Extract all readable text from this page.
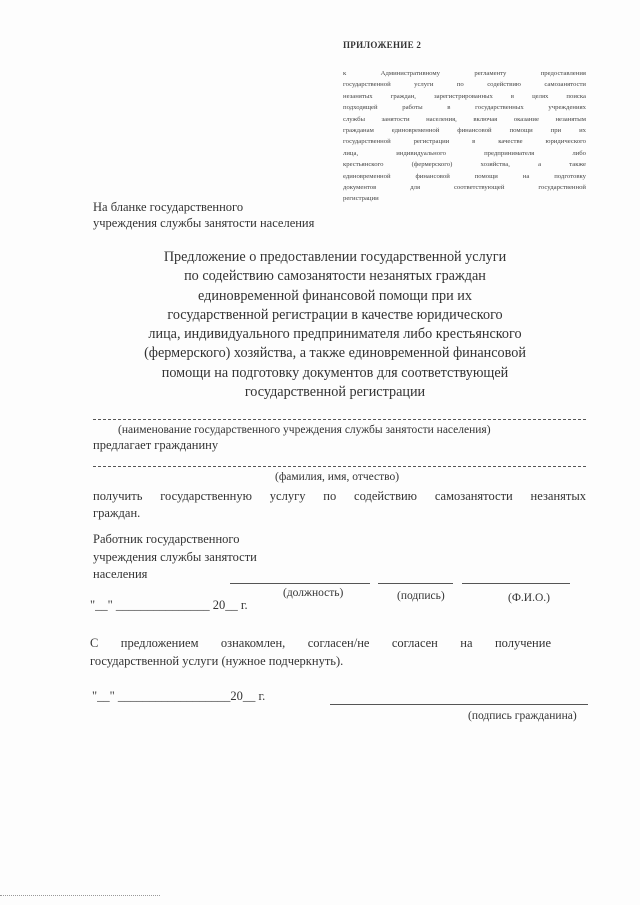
ПРИЛОЖЕНИЕ 2
к Административному регламенту предоставления
государственной услуги по содействию самозанятости
незанятых граждан, зарегистрированных в целях поиска
подходящей работы в государственных учреждениях
службы занятости населения, включая оказание незанятым
гражданам единовременной финансовой помощи при их
государственной регистрации в качестве юридического
лица, индивидуального предпринимателя либо
крестьянского (фермерского) хозяйства, а также
единовременной финансовой помощи на подготовку
документов для соответствующей государственной
регистрации
На бланке государственного
учреждения службы занятости населения
Предложение о предоставлении государственной услуги
по содействию самозанятости незанятых граждан
единовременной финансовой помощи при их
государственной регистрации в качестве юридического
лица, индивидуального предпринимателя либо крестьянского
(фермерского) хозяйства, а также единовременной финансовой
помощи на подготовку документов для соответствующей
государственной регистрации
(наименование государственного учреждения службы занятости населения)
предлагает гражданину
(фамилия, имя, отчество)
получить государственную услугу по содействию самозанятости незанятых
граждан.
Работник государственного
учреждения службы занятости
населения
(должность)	(подпись)	(Ф.И.О.)
"__" _______________ 20__ г.
С предложением ознакомлен, согласен/не согласен на получение
государственной услуги (нужное подчеркнуть).
"__" __________________20__ г.
(подпись гражданина)
